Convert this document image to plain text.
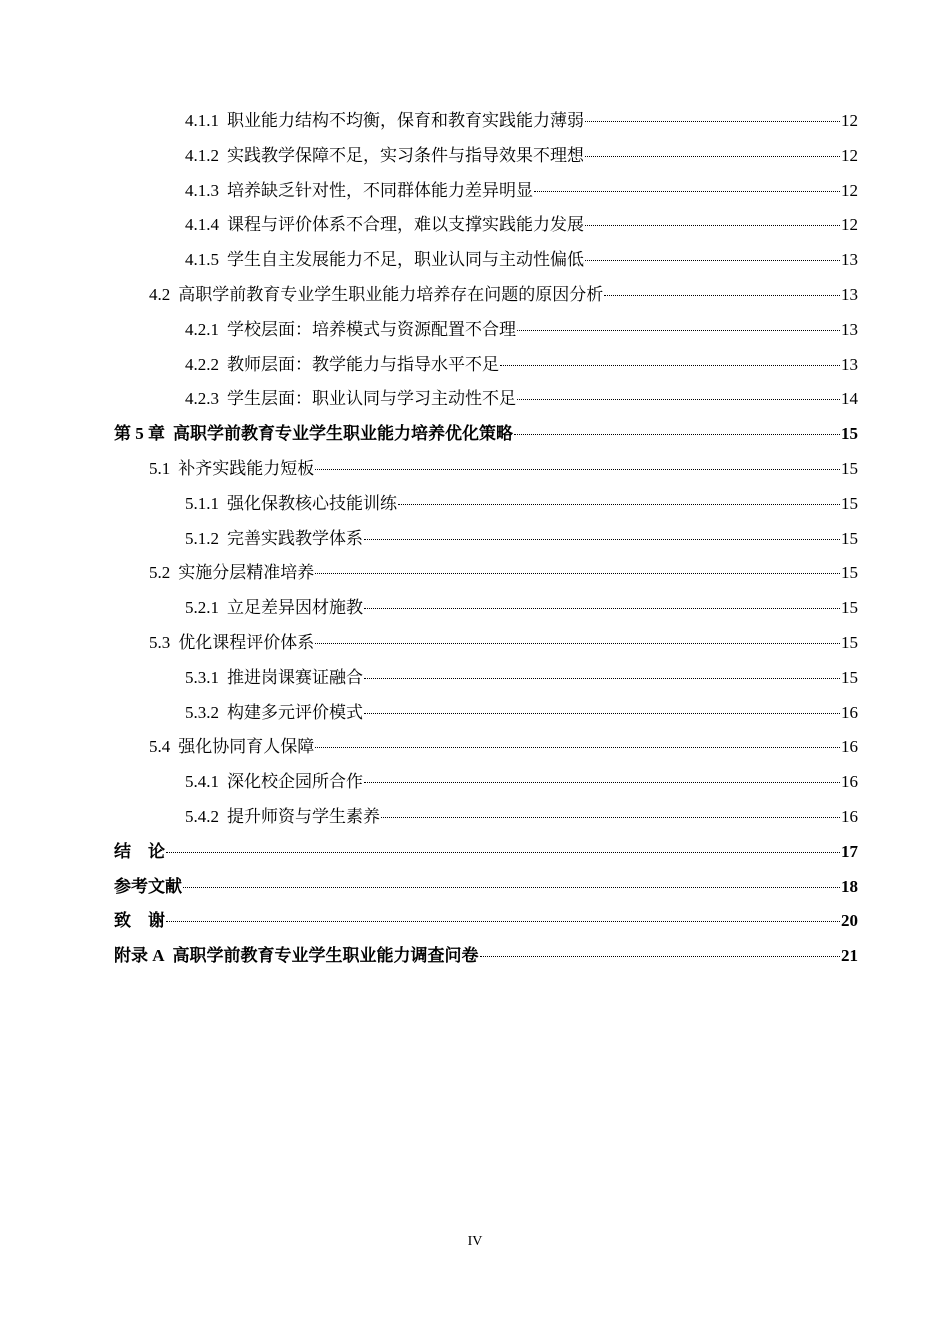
4.1.1 职业能力结构不均衡，保育和教育实践能力薄弱	12
4.1.2 实践教学保障不足，实习条件与指导效果不理想	12
4.1.3 培养缺乏针对性，不同群体能力差异明显	12
4.1.4 课程与评价体系不合理，难以支撑实践能力发展	12
4.1.5 学生自主发展能力不足，职业认同与主动性偏低	13
4.2 高职学前教育专业学生职业能力培养存在问题的原因分析	13
4.2.1 学校层面：培养模式与资源配置不合理	13
4.2.2 教师层面：教学能力与指导水平不足	13
4.2.3 学生层面：职业认同与学习主动性不足	14
第 5 章 高职学前教育专业学生职业能力培养优化策略	15
5.1 补齐实践能力短板	15
5.1.1 强化保教核心技能训练	15
5.1.2 完善实践教学体系	15
5.2 实施分层精准培养	15
5.2.1 立足差异因材施教	15
5.3 优化课程评价体系	15
5.3.1 推进岗课赛证融合	15
5.3.2 构建多元评价模式	16
5.4 强化协同育人保障	16
5.4.1 深化校企园所合作	16
5.4.2 提升师资与学生素养	16
结　论	17
参考文献	18
致　谢	20
附录 A 高职学前教育专业学生职业能力调查问卷	21
IV
